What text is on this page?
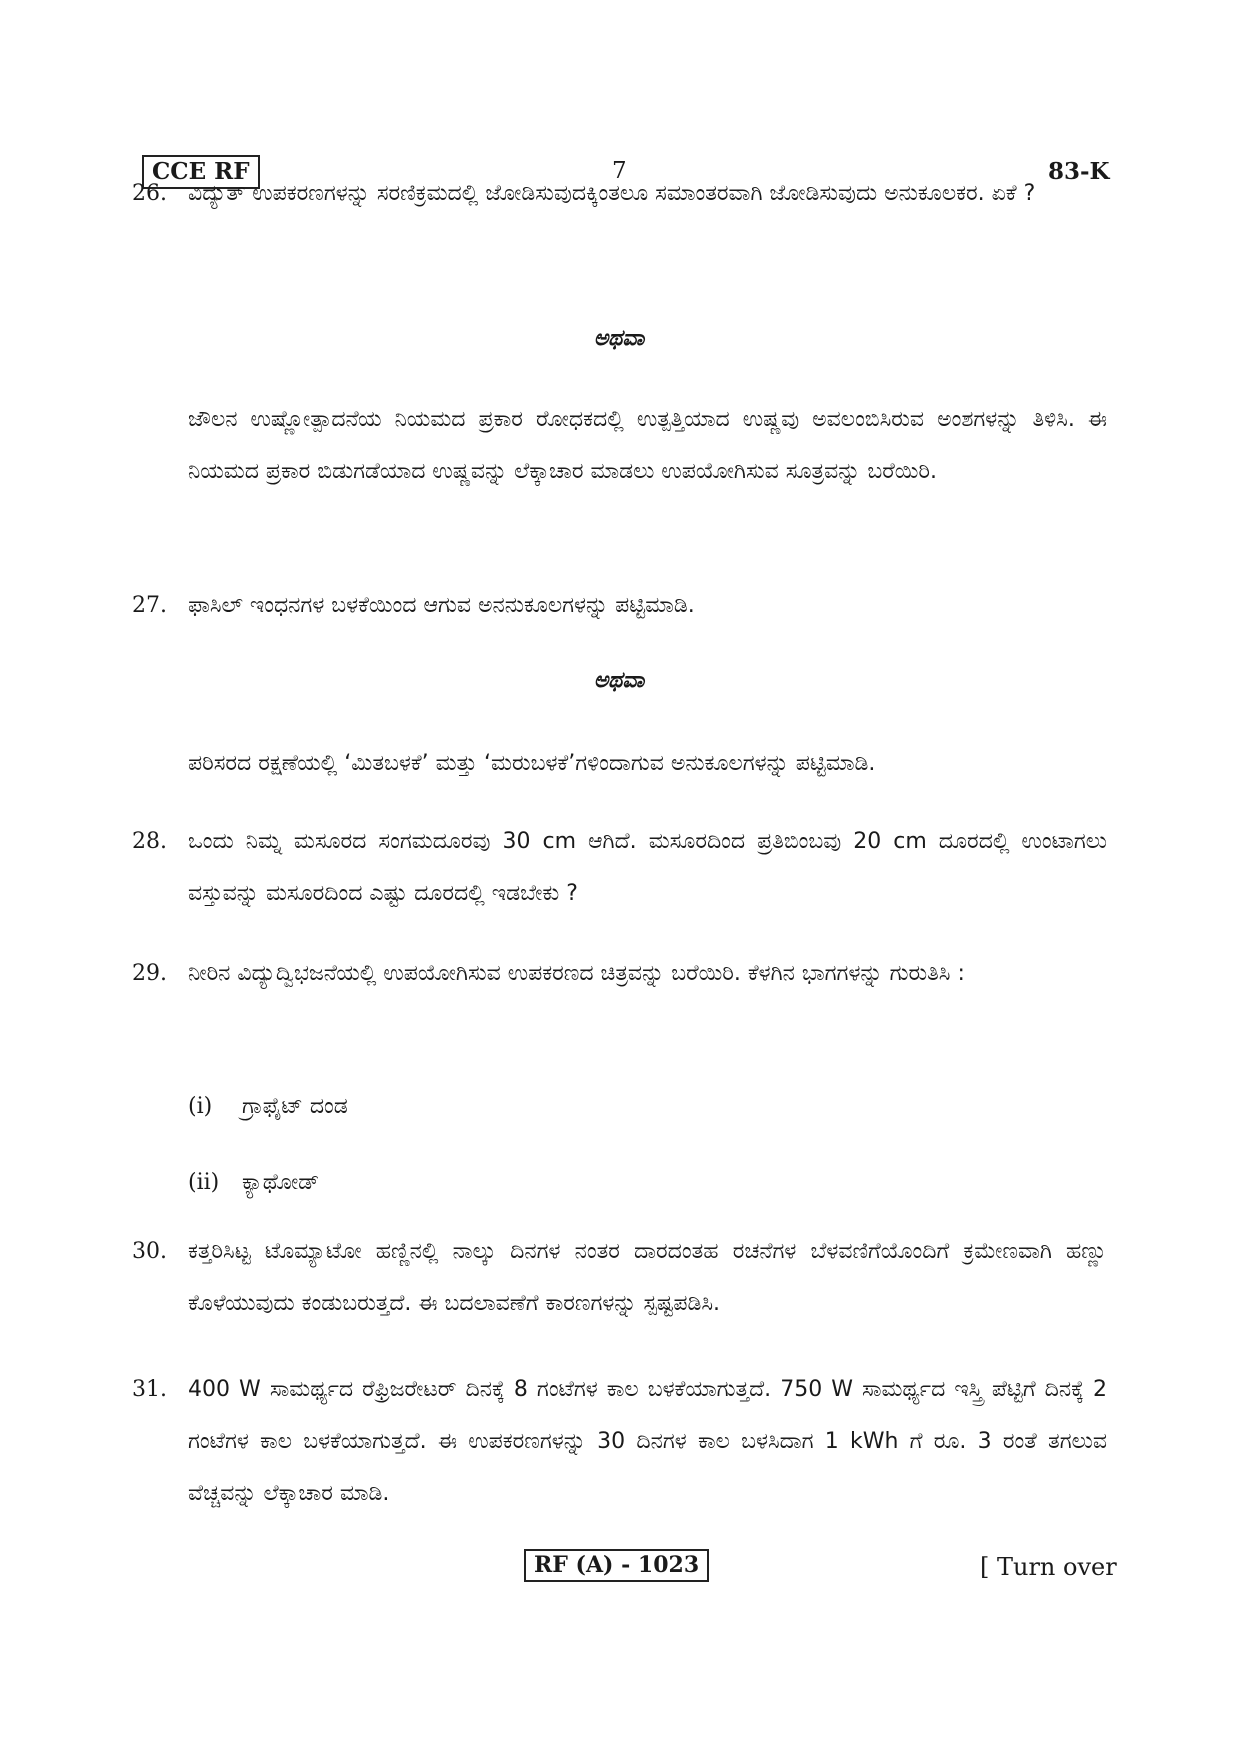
CCE RF	7	83-K
26. ವಿದ್ಯುತ್ ಉಪಕರಣಗಳನ್ನು ಸರಣಿಕ್ರಮದಲ್ಲಿ ಜೋಡಿಸುವುದಕ್ಕಿಂತಲೂ ಸಮಾಂತರವಾಗಿ ಜೋಡಿಸುವುದು ಅನುಕೂಲಕರ. ಏಕೆ ?
ಅಥವಾ
ಜೌಲನ ಉಷ್ಣೋತ್ಪಾದನೆಯ ನಿಯಮದ ಪ್ರಕಾರ ರೋಧಕದಲ್ಲಿ ಉತ್ಪತ್ತಿಯಾದ ಉಷ್ಣವು ಅವಲಂಬಿಸಿರುವ ಅಂಶಗಳನ್ನು ತಿಳಿಸಿ. ಈ ನಿಯಮದ ಪ್ರಕಾರ ಬಿಡುಗಡೆಯಾದ ಉಷ್ಣವನ್ನು ಲೆಕ್ಕಾಚಾರ ಮಾಡಲು ಉಪಯೋಗಿಸುವ ಸೂತ್ರವನ್ನು ಬರೆಯಿರಿ.
27. ಫಾಸಿಲ್ ಇಂಧನಗಳ ಬಳಕೆಯಿಂದ ಆಗುವ ಅನನುಕೂಲಗಳನ್ನು ಪಟ್ಟಿಮಾಡಿ.
ಅಥವಾ
ಪರಿಸರದ ರಕ್ಷಣೆಯಲ್ಲಿ ‘ಮಿತಬಳಕೆ’ ಮತ್ತು ‘ಮರುಬಳಕೆ’ಗಳಿಂದಾಗುವ ಅನುಕೂಲಗಳನ್ನು ಪಟ್ಟಿಮಾಡಿ.
28. ಒಂದು ನಿಮ್ನ ಮಸೂರದ ಸಂಗಮದೂರವು 30 cm ಆಗಿದೆ. ಮಸೂರದಿಂದ ಪ್ರತಿಬಿಂಬವು 20 cm ದೂರದಲ್ಲಿ ಉಂಟಾಗಲು ವಸ್ತುವನ್ನು ಮಸೂರದಿಂದ ಎಷ್ಟು ದೂರದಲ್ಲಿ ಇಡಬೇಕು ?
29. ನೀರಿನ ವಿದ್ಯುದ್ವಿಭಜನೆಯಲ್ಲಿ ಉಪಯೋಗಿಸುವ ಉಪಕರಣದ ಚಿತ್ರವನ್ನು ಬರೆಯಿರಿ. ಕೆಳಗಿನ ಭಾಗಗಳನ್ನು ಗುರುತಿಸಿ :
(i) ಗ್ರಾಫೈಟ್ ದಂಡ
(ii) ಕ್ಯಾಥೋಡ್
30. ಕತ್ತರಿಸಿಟ್ಟ ಟೊಮ್ಯಾಟೋ ಹಣ್ಣಿನಲ್ಲಿ ನಾಲ್ಕು ದಿನಗಳ ನಂತರ ದಾರದಂತಹ ರಚನೆಗಳ ಬೆಳವಣಿಗೆಯೊಂದಿಗೆ ಕ್ರಮೇಣವಾಗಿ ಹಣ್ಣು ಕೊಳೆಯುವುದು ಕಂಡುಬರುತ್ತದೆ. ಈ ಬದಲಾವಣೆಗೆ ಕಾರಣಗಳನ್ನು ಸ್ಪಷ್ಟಪಡಿಸಿ.
31. 400 W ಸಾಮರ್ಥ್ಯದ ರೆಫ್ರಿಜರೇಟರ್ ದಿನಕ್ಕೆ 8 ಗಂಟೆಗಳ ಕಾಲ ಬಳಕೆಯಾಗುತ್ತದೆ. 750 W ಸಾಮರ್ಥ್ಯದ ಇಸ್ತ್ರಿ ಪೆಟ್ಟಿಗೆ ದಿನಕ್ಕೆ 2 ಗಂಟೆಗಳ ಕಾಲ ಬಳಕೆಯಾಗುತ್ತದೆ. ಈ ಉಪಕರಣಗಳನ್ನು 30 ದಿನಗಳ ಕಾಲ ಬಳಸಿದಾಗ 1 kWh ಗೆ ರೂ. 3 ರಂತೆ ತಗಲುವ ವೆಚ್ಚವನ್ನು ಲೆಕ್ಕಾಚಾರ ಮಾಡಿ.
RF (A) - 1023	[ Turn over
